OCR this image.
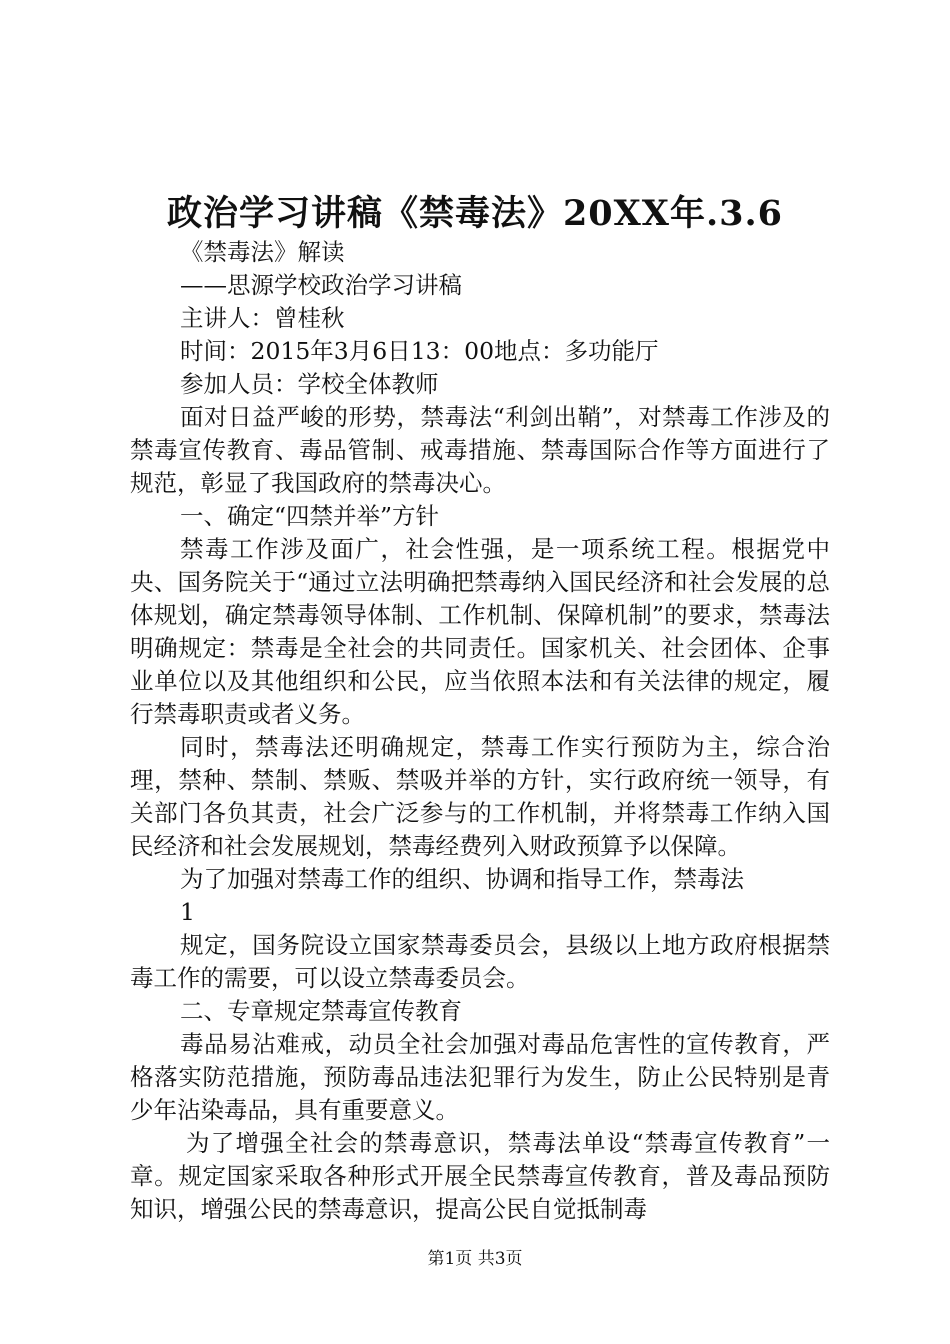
政治学习讲稿《禁毒法》20XX年.3.6

《禁毒法》解读

——思源学校政治学习讲稿

主讲人：曾桂秋

时间：2015年3月6日13：00地点：多功能厅

参加人员：学校全体教师

面对日益严峻的形势，禁毒法“利剑出鞘”，对禁毒工作涉及的禁毒宣传教育、毒品管制、戒毒措施、禁毒国际合作等方面进行了规范，彰显了我国政府的禁毒决心。

一、确定“四禁并举”方针

禁毒工作涉及面广，社会性强，是一项系统工程。根据党中央、国务院关于“通过立法明确把禁毒纳入国民经济和社会发展的总体规划，确定禁毒领导体制、工作机制、保障机制”的要求，禁毒法明确规定：禁毒是全社会的共同责任。国家机关、社会团体、企事业单位以及其他组织和公民，应当依照本法和有关法律的规定，履行禁毒职责或者义务。

同时，禁毒法还明确规定，禁毒工作实行预防为主，综合治理，禁种、禁制、禁贩、禁吸并举的方针，实行政府统一领导，有关部门各负其责，社会广泛参与的工作机制，并将禁毒工作纳入国民经济和社会发展规划，禁毒经费列入财政预算予以保障。

为了加强对禁毒工作的组织、协调和指导工作，禁毒法

1

规定，国务院设立国家禁毒委员会，县级以上地方政府根据禁毒工作的需要，可以设立禁毒委员会。

二、专章规定禁毒宣传教育

毒品易沾难戒，动员全社会加强对毒品危害性的宣传教育，严格落实防范措施，预防毒品违法犯罪行为发生，防止公民特别是青少年沾染毒品，具有重要意义。

为了增强全社会的禁毒意识，禁毒法单设“禁毒宣传教育”一章。规定国家采取各种形式开展全民禁毒宣传教育，普及毒品预防知识，增强公民的禁毒意识，提高公民自觉抵制毒

第1页 共3页
